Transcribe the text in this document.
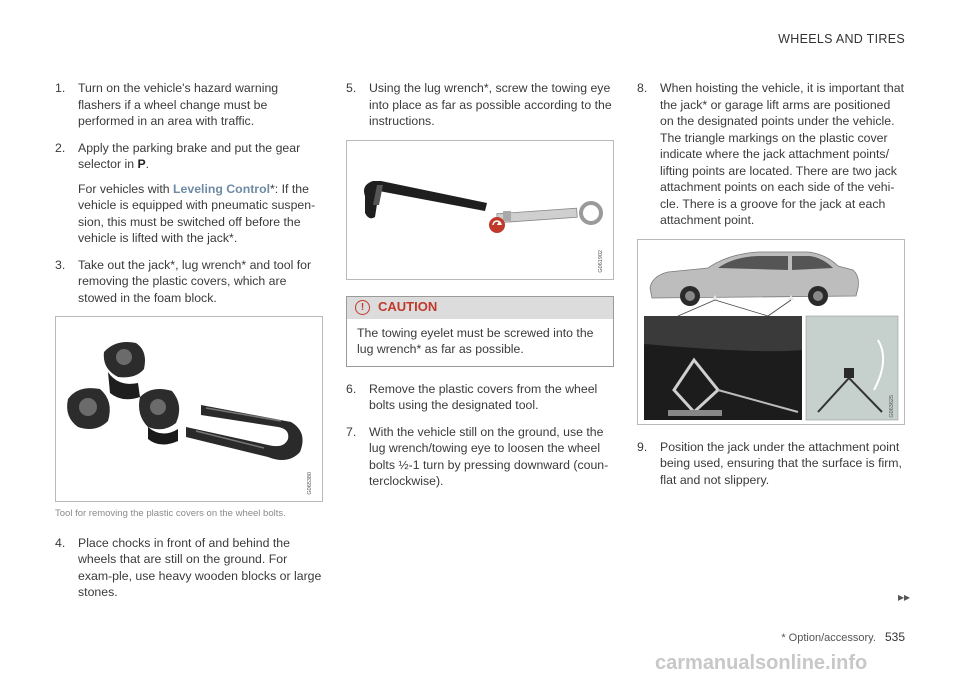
WHEELS AND TIRES
1. Turn on the vehicle's hazard warning flashers if a wheel change must be performed in an area with traffic.
2. Apply the parking brake and put the gear selector in P.
For vehicles with Leveling Control*: If the vehicle is equipped with pneumatic suspen-sion, this must be switched off before the vehicle is lifted with the jack*.
3. Take out the jack*, lug wrench* and tool for removing the plastic covers, which are stowed in the foam block.
G065380
Tool for removing the plastic covers on the wheel bolts.
4. Place chocks in front of and behind the wheels that are still on the ground. For exam-ple, use heavy wooden blocks or large stones.
5. Using the lug wrench*, screw the towing eye into place as far as possible according to the instructions.
G061902
!	CAUTION
The towing eyelet must be screwed into the lug wrench* as far as possible.
6. Remove the plastic covers from the wheel bolts using the designated tool.
7. With the vehicle still on the ground, use the lug wrench/towing eye to loosen the wheel bolts ½-1 turn by pressing downward (coun-terclockwise).
8. When hoisting the vehicle, it is important that the jack* or garage lift arms are positioned on the designated points under the vehicle. The triangle markings on the plastic cover indicate where the jack attachment points/ lifting points are located. There are two jack attachment points on each side of the vehi-cle. There is a groove for the jack at each attachment point.
G063625
9. Position the jack under the attachment point being used, ensuring that the surface is firm, flat and not slippery.
▸▸
* Option/accessory. 535
carmanualsonline.info
